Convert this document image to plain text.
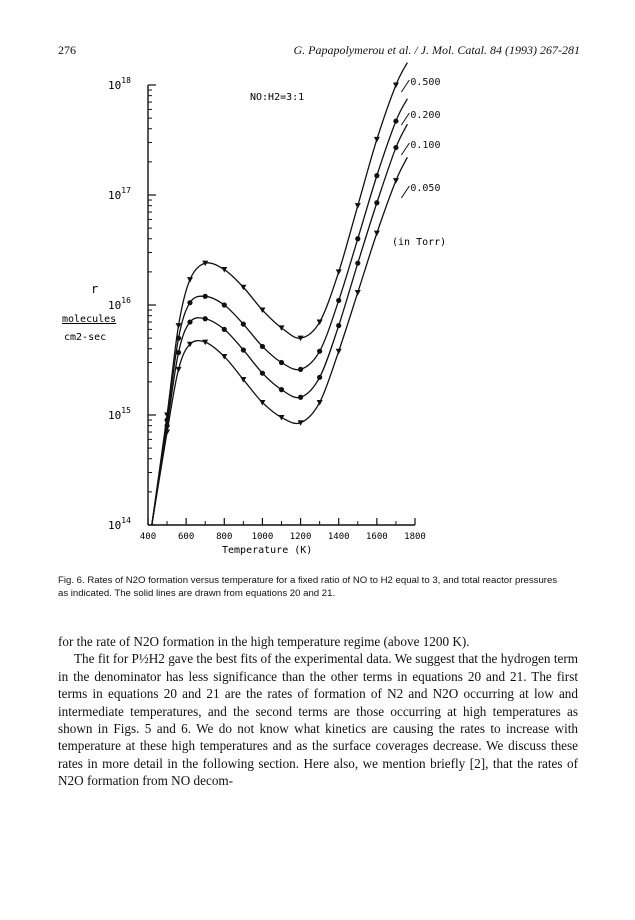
276	G. Papapolymerou et al. / J. Mol. Catal. 84 (1993) 267-281
$10^{14}$
$10^{15}$
$10^{16}$
$10^{17}$
$10^{18}$
400 600 800 1000 1200 1400 1600 1800
0.500
0.200
0.100
0.050
NO:H2=3:1
(in Torr)
r
molecules
cm2-sec
Temperature (K)
Fig. 6. Rates of N2O formation versus temperature for a fixed ratio of NO to H2 equal to 3, and total reactor pressures as indicated. The solid lines are drawn from equations 20 and 21.

for the rate of N2O formation in the high temperature regime (above 1200 K).

The fit for P½H2 gave the best fits of the experimental data. We suggest that the hydrogen term in the denominator has less significance than the other terms in equations 20 and 21. The first terms in equations 20 and 21 are the rates of formation of N2 and N2O occurring at low and intermediate temperatures, and the second terms are those occurring at high temperatures as shown in Figs. 5 and 6. We do not know what kinetics are causing the rates to increase with temperature at these high temperatures and as the surface coverages decrease. We discuss these rates in more detail in the following section. Here also, we mention briefly [2], that the rates of N2O formation from NO decom-
